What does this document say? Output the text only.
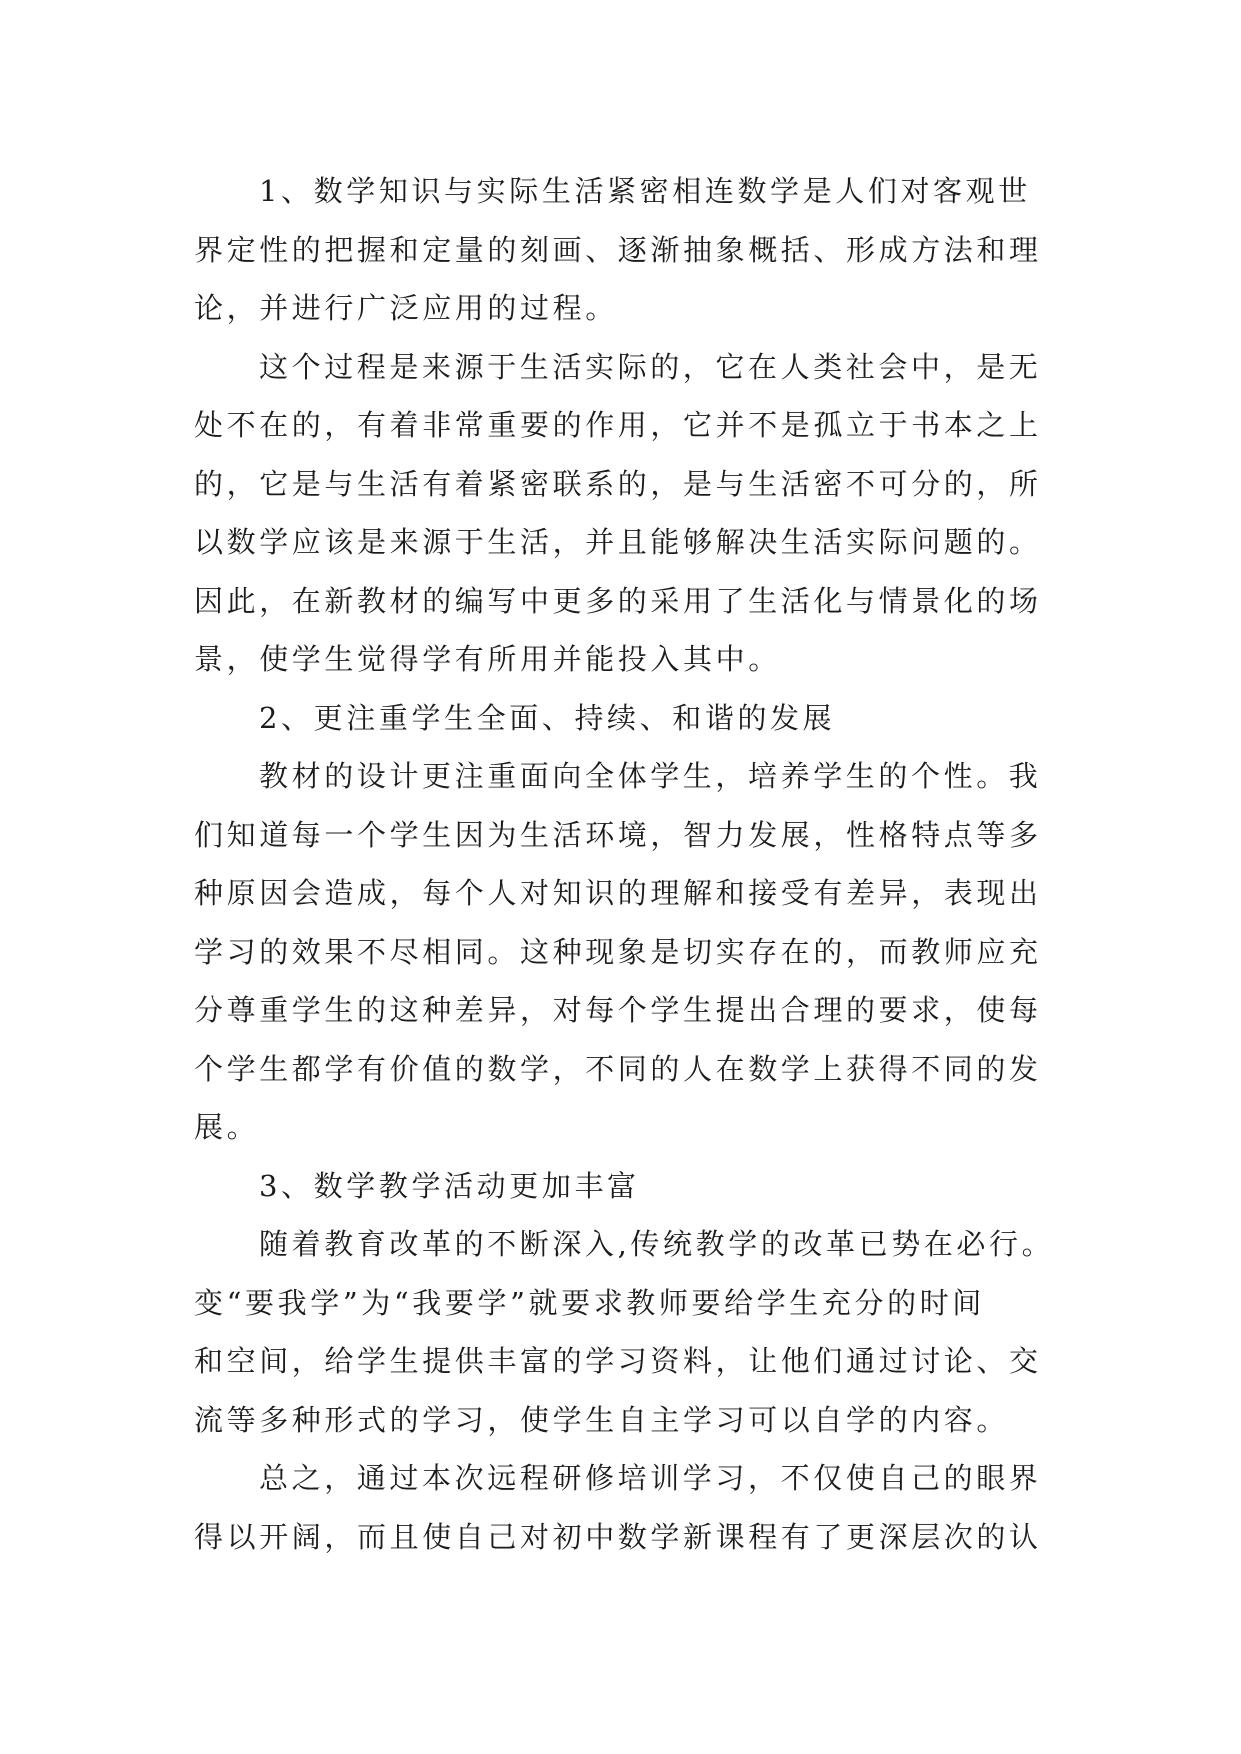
1、数学知识与实际生活紧密相连数学是人们对客观世
界定性的把握和定量的刻画、逐渐抽象概括、形成方法和理
论，并进行广泛应用的过程。
这个过程是来源于生活实际的，它在人类社会中，是无
处不在的，有着非常重要的作用，它并不是孤立于书本之上
的，它是与生活有着紧密联系的，是与生活密不可分的，所
以数学应该是来源于生活，并且能够解决生活实际问题的。
因此，在新教材的编写中更多的采用了生活化与情景化的场
景，使学生觉得学有所用并能投入其中。
2、更注重学生全面、持续、和谐的发展
教材的设计更注重面向全体学生，培养学生的个性。我
们知道每一个学生因为生活环境，智力发展，性格特点等多
种原因会造成，每个人对知识的理解和接受有差异，表现出
学习的效果不尽相同。这种现象是切实存在的，而教师应充
分尊重学生的这种差异，对每个学生提出合理的要求，使每
个学生都学有价值的数学，不同的人在数学上获得不同的发
展。
3、数学教学活动更加丰富
随着教育改革的不断深入,传统教学的改革已势在必行。
变“要我学”为“我要学”就要求教师要给学生充分的时间
和空间，给学生提供丰富的学习资料，让他们通过讨论、交
流等多种形式的学习，使学生自主学习可以自学的内容。
总之，通过本次远程研修培训学习，不仅使自己的眼界
得以开阔，而且使自己对初中数学新课程有了更深层次的认
